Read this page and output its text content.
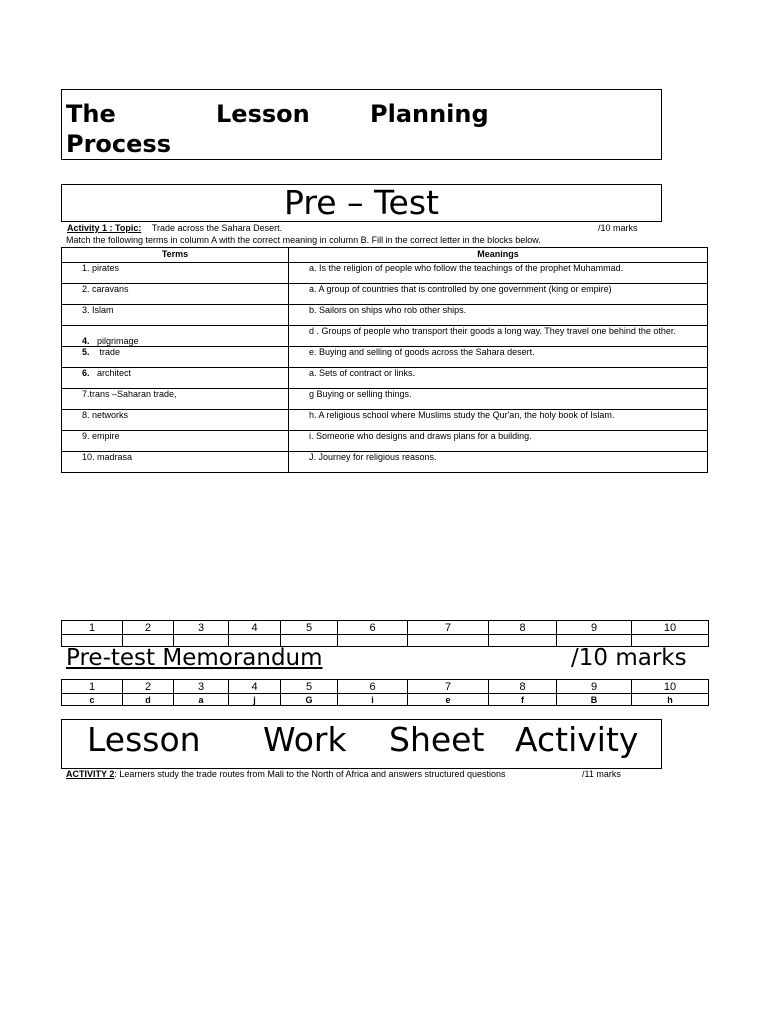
The	Lesson	Planning
Process
Pre – Test
Activity 1 : Topic: Trade across the Sahara Desert.	/10 marks
Match the following terms in column A with the correct meaning in column B. Fill in the correct letter in the blocks below.
Terms	Meanings
1. pirates	a. Is the religion of people who follow the teachings of the prophet Muhammad.
2. caravans	a. A group of countries that is controlled by one government (king or empire)
3. Islam	b. Sailors on ships who rob other ships.
4. pilgrimage	d . Groups of people who transport their goods a long way. They travel one behind the other.
5. trade	e. Buying and selling of goods across the Sahara desert.
6. architect	a. Sets of contract or links.
7.trans –Saharan trade,	g Buying or selling things.
8. networks	h. A religious school where Muslims study the Qur'an, the holy book of Islam.
9. empire	i. Someone who designs and draws plans for a building.
10. madrasa	J. Journey for religious reasons.
1	2	3	4	5	6	7	8	9	10

Pre-test Memorandum	/10 marks
1	2	3	4	5	6	7	8	9	10
c	d	a	j	G	i	e	f	B	h
Lesson Work Sheet Activity
ACTIVITY 2: Learners study the trade routes from Mali to the North of Africa and answers structured questions	/11 marks
